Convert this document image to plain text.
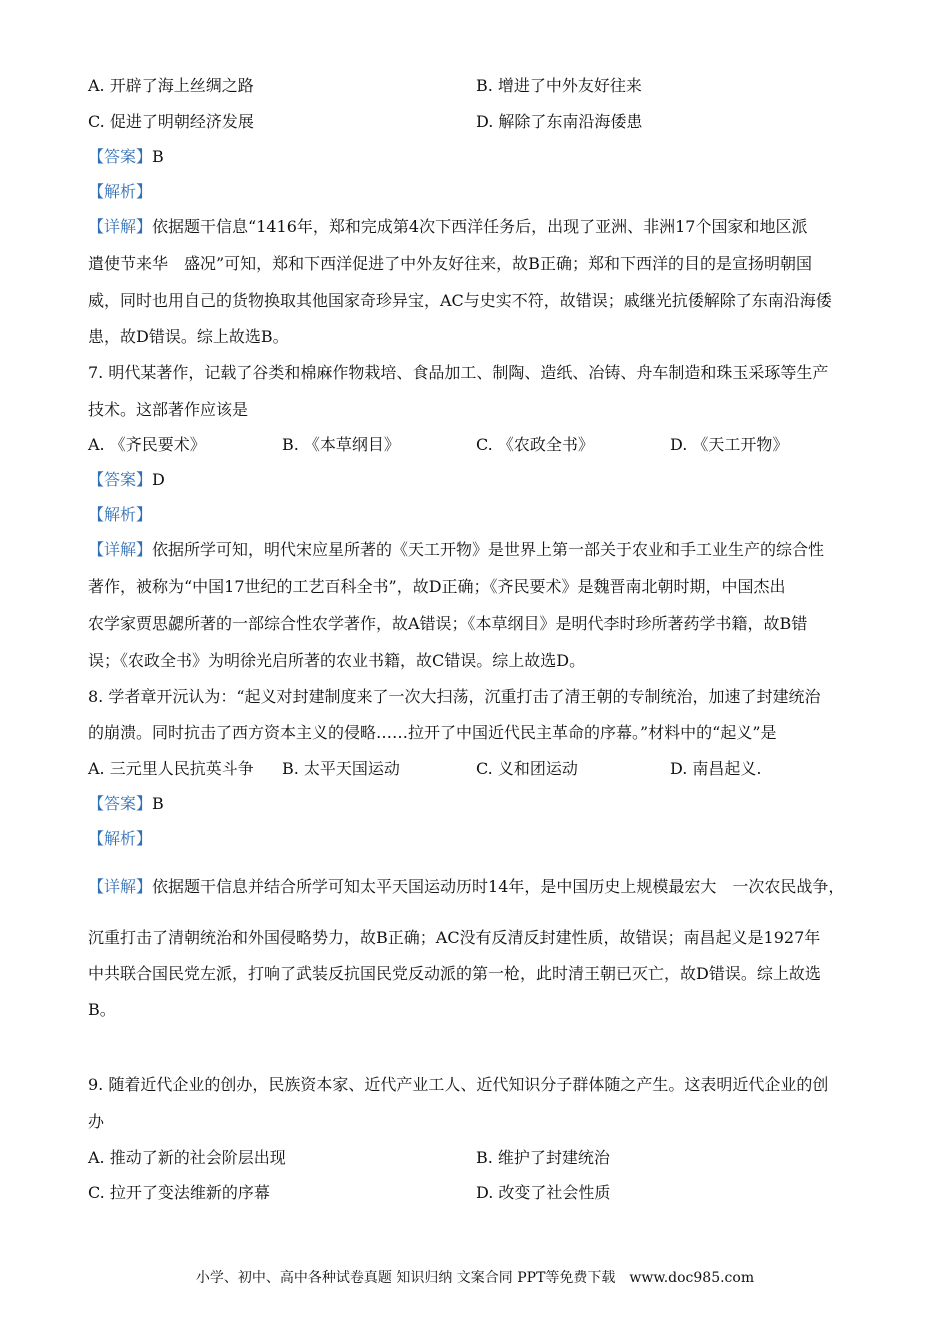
A. 开辟了海上丝绸之路	B. 增进了中外友好往来
C. 促进了明朝经济发展	D. 解除了东南沿海倭患
【答案】B
【解析】
【详解】依据题干信息“1416年，郑和完成第4次下西洋任务后，出现了亚洲、非洲17个国家和地区派
遣使节来华　盛况”可知，郑和下西洋促进了中外友好往来，故B正确；郑和下西洋的目的是宣扬明朝国
威，同时也用自己的货物换取其他国家奇珍异宝，AC与史实不符，故错误；戚继光抗倭解除了东南沿海倭
患，故D错误。综上故选B。
7. 明代某著作，记载了谷类和棉麻作物栽培、食品加工、制陶、造纸、冶铸、舟车制造和珠玉采琢等生产
技术。这部著作应该是
A. 《齐民要术》	B. 《本草纲目》	C. 《农政全书》	D. 《天工开物》
【答案】D
【解析】
【详解】依据所学可知，明代宋应星所著的《天工开物》是世界上第一部关于农业和手工业生产的综合性
著作，被称为“中国17世纪的工艺百科全书”，故D正确；《齐民要术》是魏晋南北朝时期，中国杰出
农学家贾思勰所著的一部综合性农学著作，故A错误；《本草纲目》是明代李时珍所著药学书籍，故B错
误；《农政全书》为明徐光启所著的农业书籍，故C错误。综上故选D。
8. 学者章开沅认为：“起义对封建制度来了一次大扫荡，沉重打击了清王朝的专制统治，加速了封建统治
的崩溃。同时抗击了西方资本主义的侵略……拉开了中国近代民主革命的序幕。”材料中的“起义”是
A. 三元里人民抗英斗争 B. 太平天国运动	C. 义和团运动	D. 南昌起义.
【答案】B
【解析】
【详解】依据题干信息并结合所学可知太平天国运动历时14年，是中国历史上规模最宏大　一次农民战争，
沉重打击了清朝统治和外国侵略势力，故B正确；AC没有反清反封建性质，故错误；南昌起义是1927年
中共联合国民党左派，打响了武装反抗国民党反动派的第一枪，此时清王朝已灭亡，故D错误。综上故选
B。
9. 随着近代企业的创办，民族资本家、近代产业工人、近代知识分子群体随之产生。这表明近代企业的创
办
A. 推动了新的社会阶层出现	B. 维护了封建统治
C. 拉开了变法维新的序幕	D. 改变了社会性质
小学、初中、高中各种试卷真题 知识归纳 文案合同 PPT等免费下载　www.doc985.com
